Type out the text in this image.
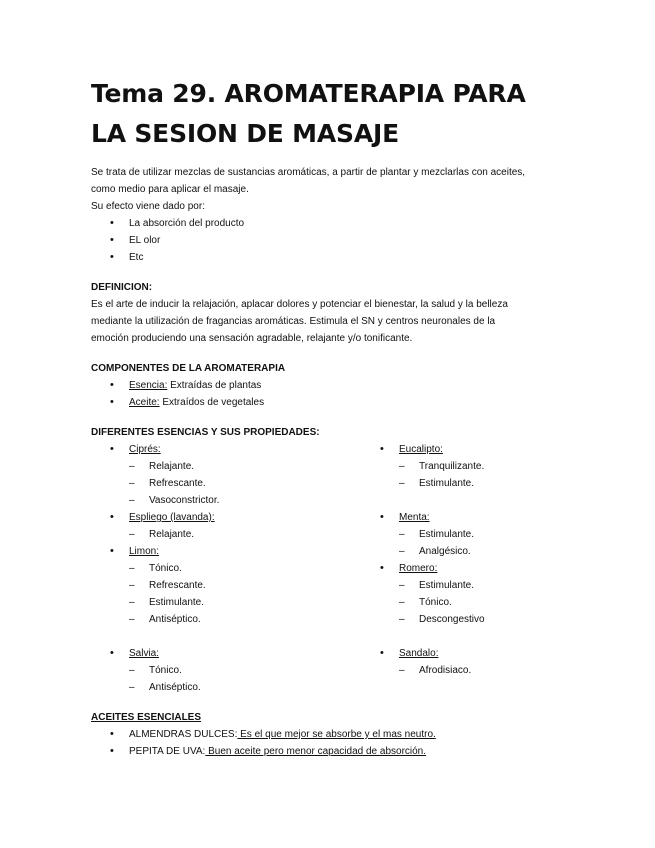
Tema 29. AROMATERAPIA PARA LA SESION DE MASAJE

Se trata de utilizar mezclas de sustancias aromáticas, a partir de plantar y mezclarlas con aceites,

como medio para aplicar el masaje.

Su efecto viene dado por:

• La absorción del producto
• EL olor
• Etc

DEFINICION:

Es el arte de inducir la relajación, aplacar dolores y potenciar el bienestar, la salud y la belleza

mediante la utilización de fragancias aromáticas. Estimula el SN y centros neuronales de la

emoción produciendo una sensación agradable, relajante y/o tonificante.

COMPONENTES DE LA AROMATERAPIA

• Esencia: Extraídas de plantas
• Aceite: Extraídos de vegetales

DIFERENTES ESENCIAS Y SUS PROPIEDADES:

• Ciprés:
– Relajante.
– Refrescante.
– Vasoconstrictor.
• Espliego (lavanda):
– Relajante.
• Limon:
– Tónico.
– Refrescante.
– Estimulante.
– Antiséptico.
• Salvia:
– Tónico.
– Antiséptico.
• Eucalipto:
– Tranquilizante.
– Estimulante.
• Menta:
– Estimulante.
– Analgésico.
• Romero:
– Estimulante.
– Tónico.
– Descongestivo
• Sandalo:
– Afrodisiaco.

ACEITES ESENCIALES

• ALMENDRAS DULCES: Es el que mejor se absorbe y el mas neutro.
• PEPITA DE UVA: Buen aceite pero menor capacidad de absorción.
